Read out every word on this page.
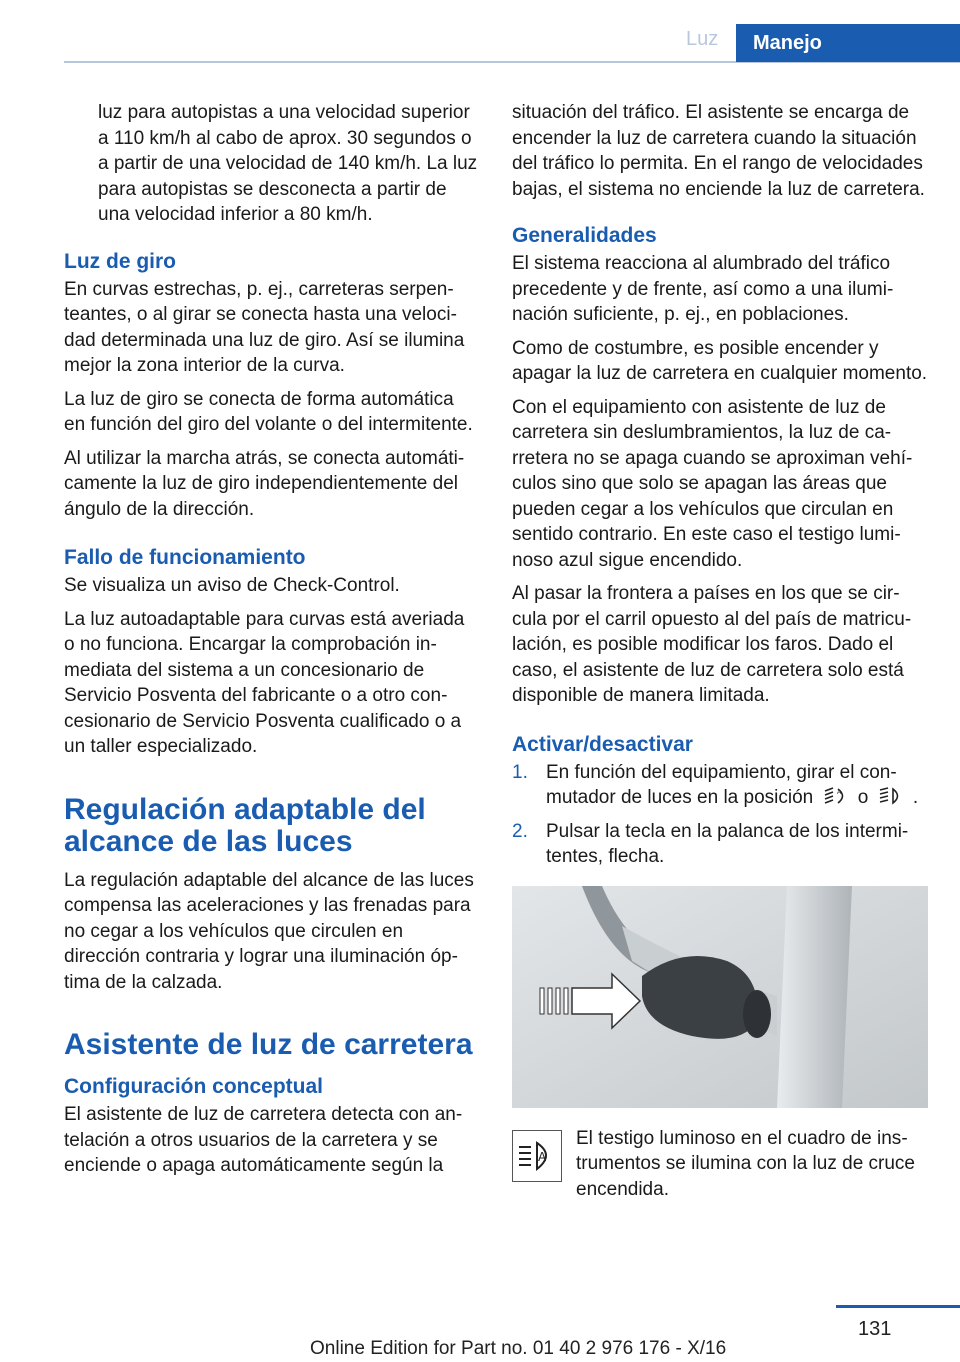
Luz	Manejo

luz para autopistas a una velocidad superior a 110 km/h al cabo de aprox. 30 segundos o a partir de una velocidad de 140 km/h. La luz para autopistas se desconecta a partir de una velocidad inferior a 80 km/h.

Luz de giro

En curvas estrechas, p. ej., carreteras serpenteantes, o al girar se conecta hasta una velocidad determinada una luz de giro. Así se ilumina mejor la zona interior de la curva.

La luz de giro se conecta de forma automática en función del giro del volante o del intermitente.

Al utilizar la marcha atrás, se conecta automáticamente la luz de giro independientemente del ángulo de la dirección.

Fallo de funcionamiento

Se visualiza un aviso de Check-Control.

La luz autoadaptable para curvas está averiada o no funciona. Encargar la comprobación inmediata del sistema a un concesionario de Servicio Posventa del fabricante o a otro concesionario de Servicio Posventa cualificado o a un taller especializado.

Regulación adaptable del alcance de las luces

La regulación adaptable del alcance de las luces compensa las aceleraciones y las frenadas para no cegar a los vehículos que circulen en dirección contraria y lograr una iluminación óptima de la calzada.

Asistente de luz de carretera
Configuración conceptual

El asistente de luz de carretera detecta con antelación a otros usuarios de la carretera y se enciende o apaga automáticamente según la

situación del tráfico. El asistente se encarga de encender la luz de carretera cuando la situación del tráfico lo permita. En el rango de velocidades bajas, el sistema no enciende la luz de carretera.

Generalidades

El sistema reacciona al alumbrado del tráfico precedente y de frente, así como a una iluminación suficiente, p. ej., en poblaciones.

Como de costumbre, es posible encender y apagar la luz de carretera en cualquier momento.

Con el equipamiento con asistente de luz de carretera sin deslumbramientos, la luz de carretera no se apaga cuando se aproximan vehículos sino que solo se apagan las áreas que pueden cegar a los vehículos que circulan en sentido contrario. En este caso el testigo luminoso azul sigue encendido.

Al pasar la frontera a países en los que se circula por el carril opuesto al del país de matriculación, es posible modificar los faros. Dado el caso, el asistente de luz de carretera solo está disponible de manera limitada.

Activar/desactivar
1. En función del equipamiento, girar el conmutador de luces en la posición	A o .
2. Pulsar la tecla en la palanca de los intermitentes, flecha.
A

El testigo luminoso en el cuadro de instrumentos se ilumina con la luz de cruce encendida.

131
Online Edition for Part no. 01 40 2 976 176 - X/16
